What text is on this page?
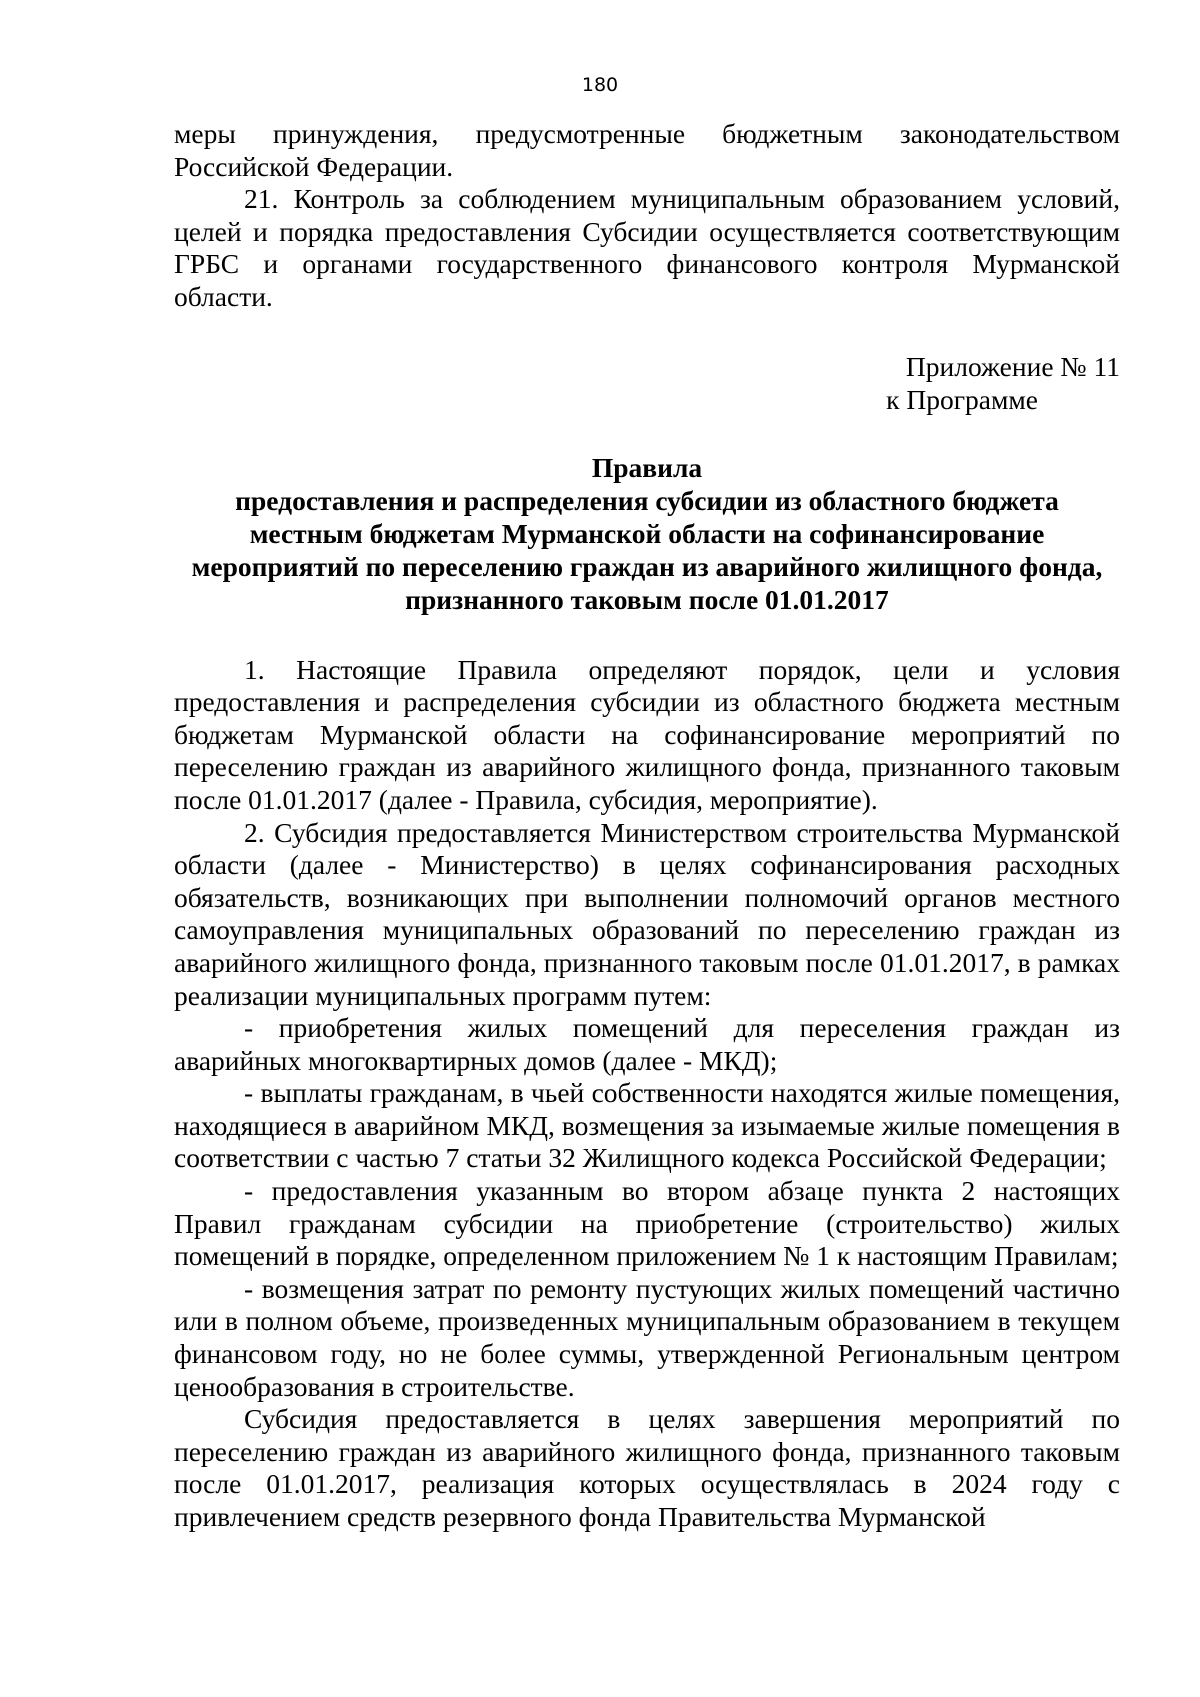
180

меры принуждения, предусмотренные бюджетным законодательством Российской Федерации.

21. Контроль за соблюдением муниципальным образованием условий, целей и порядка предоставления Субсидии осуществляется соответствующим ГРБС и органами государственного финансового контроля Мурманской области.

Приложение № 11
к Программе
Правила
предоставления и распределения субсидии из областного бюджета
местным бюджетам Мурманской области на софинансирование
мероприятий по переселению граждан из аварийного жилищного фонда,
признанного таковым после 01.01.2017

1. Настоящие Правила определяют порядок, цели и условия предоставления и распределения субсидии из областного бюджета местным бюджетам Мурманской области на софинансирование мероприятий по переселению граждан из аварийного жилищного фонда, признанного таковым после 01.01.2017 (далее - Правила, субсидия, мероприятие).

2. Субсидия предоставляется Министерством строительства Мурманской области (далее - Министерство) в целях софинансирования расходных обязательств, возникающих при выполнении полномочий органов местного самоуправления муниципальных образований по переселению граждан из аварийного жилищного фонда, признанного таковым после 01.01.2017, в рамках реализации муниципальных программ путем:

- приобретения жилых помещений для переселения граждан из аварийных многоквартирных домов (далее - МКД);

- выплаты гражданам, в чьей собственности находятся жилые помещения, находящиеся в аварийном МКД, возмещения за изымаемые жилые помещения в соответствии с частью 7 статьи 32 Жилищного кодекса Российской Федерации;

- предоставления указанным во втором абзаце пункта 2 настоящих Правил гражданам субсидии на приобретение (строительство) жилых помещений в порядке, определенном приложением № 1 к настоящим Правилам;

- возмещения затрат по ремонту пустующих жилых помещений частично или в полном объеме, произведенных муниципальным образованием в текущем финансовом году, но не более суммы, утвержденной Региональным центром ценообразования в строительстве.

Субсидия предоставляется в целях завершения мероприятий по переселению граждан из аварийного жилищного фонда, признанного таковым после 01.01.2017, реализация которых осуществлялась в 2024 году с привлечением средств резервного фонда Правительства Мурманской
